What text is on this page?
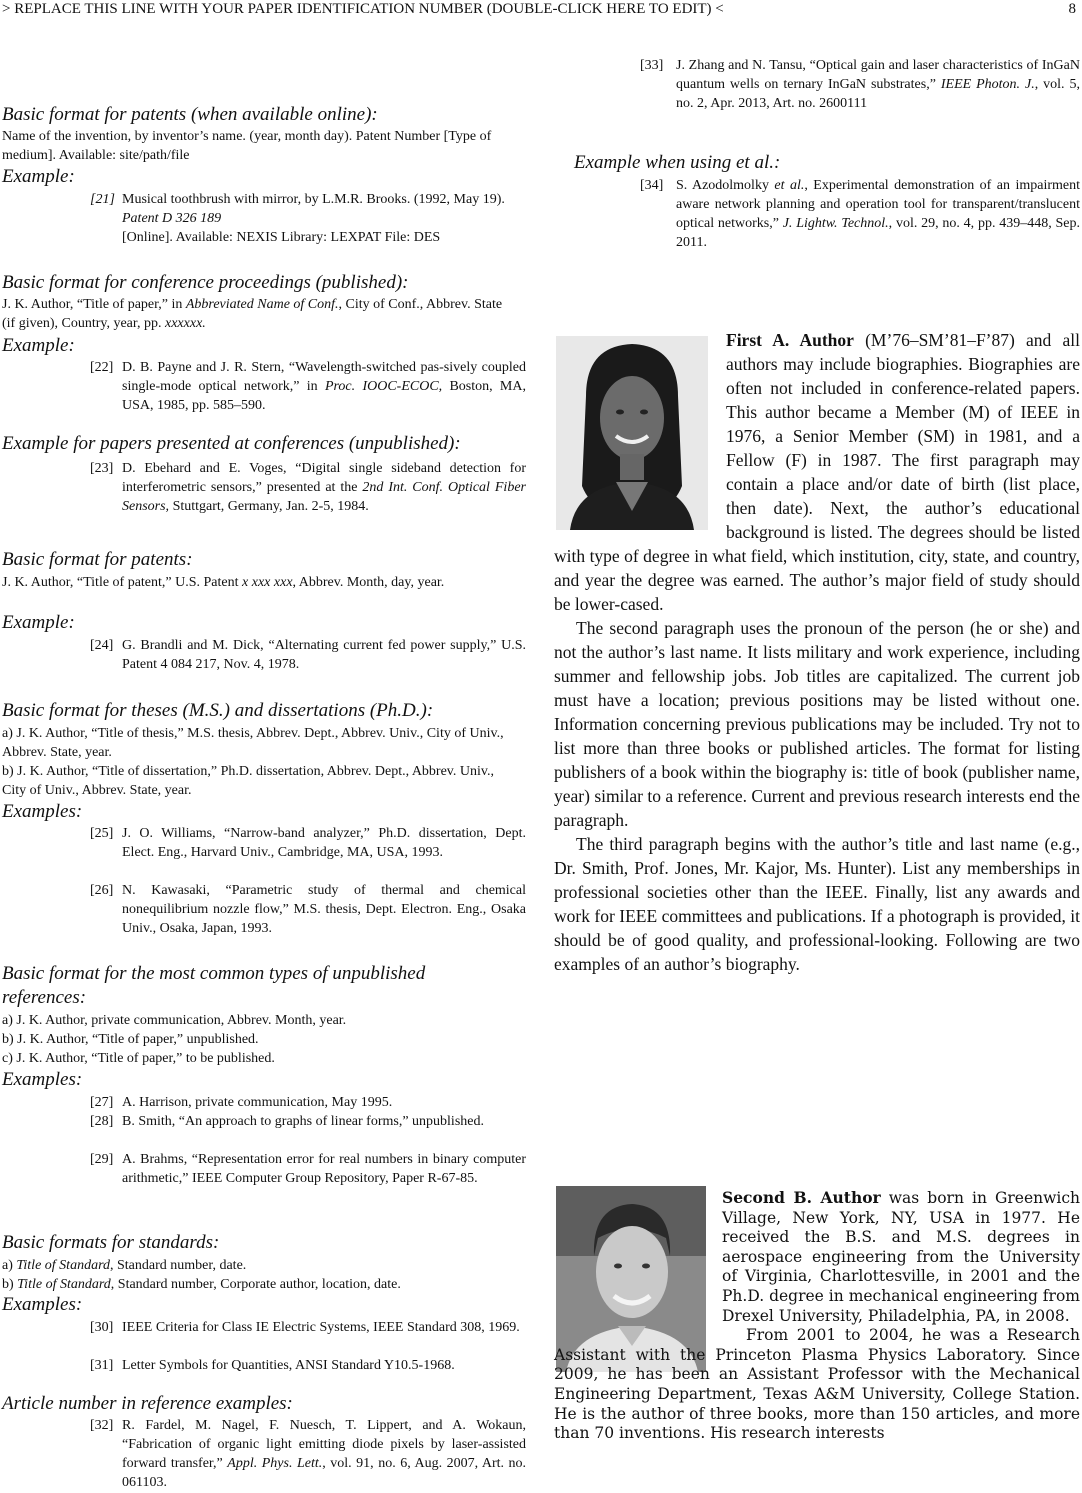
> REPLACE THIS LINE WITH YOUR PAPER IDENTIFICATION NUMBER (DOUBLE-CLICK HERE TO EDIT) <	8
Basic format for patents (when available online):
Name of the invention, by inventor’s name. (year, month day). Patent Number [Type of medium]. Available: site/path/file
Example:
[21] Musical toothbrush with mirror, by L.M.R. Brooks. (1992, May 19). Patent D 326 189
[Online]. Available: NEXIS Library: LEXPAT File: DES
Basic format for conference proceedings (published):
J. K. Author, “Title of paper,” in Abbreviated Name of Conf., City of Conf., Abbrev. State (if given), Country, year, pp. xxxxxx.
Example:
[22] D. B. Payne and J. R. Stern, “Wavelength-switched pas-sively coupled single-mode optical network,” in Proc. IOOC-ECOC, Boston, MA, USA, 1985, pp. 585–590.
Example for papers presented at conferences (unpublished):
[23] D. Ebehard and E. Voges, “Digital single sideband detection for interferometric sensors,” presented at the 2nd Int. Conf. Optical Fiber Sensors, Stuttgart, Germany, Jan. 2-5, 1984.
Basic format for patents:
J. K. Author, “Title of patent,” U.S. Patent x xxx xxx, Abbrev. Month, day, year.
Example:
[24] G. Brandli and M. Dick, “Alternating current fed power supply,” U.S. Patent 4 084 217, Nov. 4, 1978.
Basic format for theses (M.S.) and dissertations (Ph.D.):
a) J. K. Author, “Title of thesis,” M.S. thesis, Abbrev. Dept., Abbrev. Univ., City of Univ., Abbrev. State, year.
b) J. K. Author, “Title of dissertation,” Ph.D. dissertation, Abbrev. Dept., Abbrev. Univ., City of Univ., Abbrev. State, year.
Examples:
[25] J. O. Williams, “Narrow-band analyzer,” Ph.D. dissertation, Dept. Elect. Eng., Harvard Univ., Cambridge, MA, USA, 1993.
[26] N. Kawasaki, “Parametric study of thermal and chemical nonequilibrium nozzle flow,” M.S. thesis, Dept. Electron. Eng., Osaka Univ., Osaka, Japan, 1993.
Basic format for the most common types of unpublished
references:
a) J. K. Author, private communication, Abbrev. Month, year.
b) J. K. Author, “Title of paper,” unpublished.
c) J. K. Author, “Title of paper,” to be published.
Examples:
[27] A. Harrison, private communication, May 1995.
[28] B. Smith, “An approach to graphs of linear forms,” unpublished.
[29] A. Brahms, “Representation error for real numbers in binary computer arithmetic,” IEEE Computer Group Repository, Paper R-67-85.
Basic formats for standards:
a) Title of Standard, Standard number, date.
b) Title of Standard, Standard number, Corporate author, location, date.
Examples:
[30] IEEE Criteria for Class IE Electric Systems, IEEE Standard 308, 1969.
[31] Letter Symbols for Quantities, ANSI Standard Y10.5-1968.
Article number in reference examples:
[32] R. Fardel, M. Nagel, F. Nuesch, T. Lippert, and A. Wokaun, “Fabrication of organic light emitting diode pixels by laser-assisted forward transfer,” Appl. Phys. Lett., vol. 91, no. 6, Aug. 2007, Art. no. 061103.
[33] J. Zhang and N. Tansu, “Optical gain and laser characteristics of InGaN quantum wells on ternary InGaN substrates,” IEEE Photon. J., vol. 5, no. 2, Apr. 2013, Art. no. 2600111
Example when using et al.:
[34] S. Azodolmolky et al., Experimental demonstration of an impairment aware network planning and operation tool for transparent/translucent optical networks,” J. Lightw. Technol., vol. 29, no. 4, pp. 439–448, Sep. 2011.

First A. Author (M’76–SM’81–F’87) and all authors may include biographies. Biographies are often not included in conference-related papers. This author became a Member (M) of IEEE in 1976, a Senior Member (SM) in 1981, and a Fellow (F) in 1987. The first paragraph may contain a place and/or date of birth (list place, then date). Next, the author’s educational background is listed. The degrees should be listed with type of degree in what field, which institution, city, state, and country, and year the degree was earned. The author’s major field of study should be lower-cased.

The second paragraph uses the pronoun of the person (he or she) and not the author’s last name. It lists military and work experience, including summer and fellowship jobs. Job titles are capitalized. The current job must have a location; previous positions may be listed without one. Information concerning previous publications may be included. Try not to list more than three books or published articles. The format for listing publishers of a book within the biography is: title of book (publisher name, year) similar to a reference. Current and previous research interests end the paragraph.

The third paragraph begins with the author’s title and last name (e.g., Dr. Smith, Prof. Jones, Mr. Kajor, Ms. Hunter). List any memberships in professional societies other than the IEEE. Finally, list any awards and work for IEEE committees and publications. If a photograph is provided, it should be of good quality, and professional-looking. Following are two examples of an author’s biography.

Second B. Author was born in Greenwich Village, New York, NY, USA in 1977. He received the B.S. and M.S. degrees in aerospace engineering from the University of Virginia, Charlottesville, in 2001 and the Ph.D. degree in mechanical engineering from Drexel University, Philadelphia, PA, in 2008.

From 2001 to 2004, he was a Research Assistant with the Princeton Plasma Physics Laboratory. Since 2009, he has been an Assistant Professor with the Mechanical Engineering Department, Texas A&M University, College Station. He is the author of three books, more than 150 articles, and more than 70 inventions. His research interests
